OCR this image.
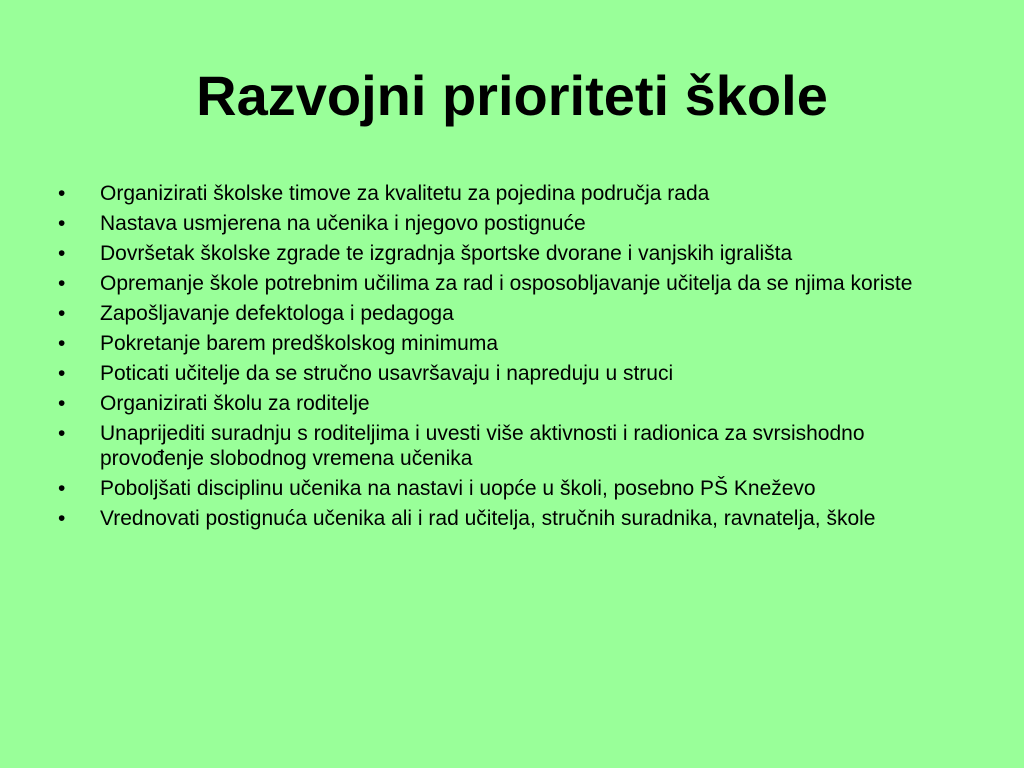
Razvojni prioriteti škole
•	Organizirati školske timove za kvalitetu za pojedina područja rada
•	Nastava usmjerena na učenika i njegovo postignuće
•	Dovršetak školske zgrade te izgradnja športske dvorane i vanjskih igrališta
•	Opremanje škole potrebnim učilima za rad i osposobljavanje učitelja da se njima koriste
•	Zapošljavanje defektologa i pedagoga
•	Pokretanje barem predškolskog minimuma
•	Poticati učitelje da se stručno usavršavaju i napreduju u struci
•	Organizirati školu za roditelje
•	Unaprijediti suradnju s roditeljima i uvesti više aktivnosti i radionica za svrsishodno provođenje slobodnog vremena učenika
•	Poboljšati disciplinu učenika na nastavi i uopće u školi, posebno PŠ Kneževo
•	Vrednovati postignuća učenika ali i rad učitelja, stručnih suradnika, ravnatelja, škole
